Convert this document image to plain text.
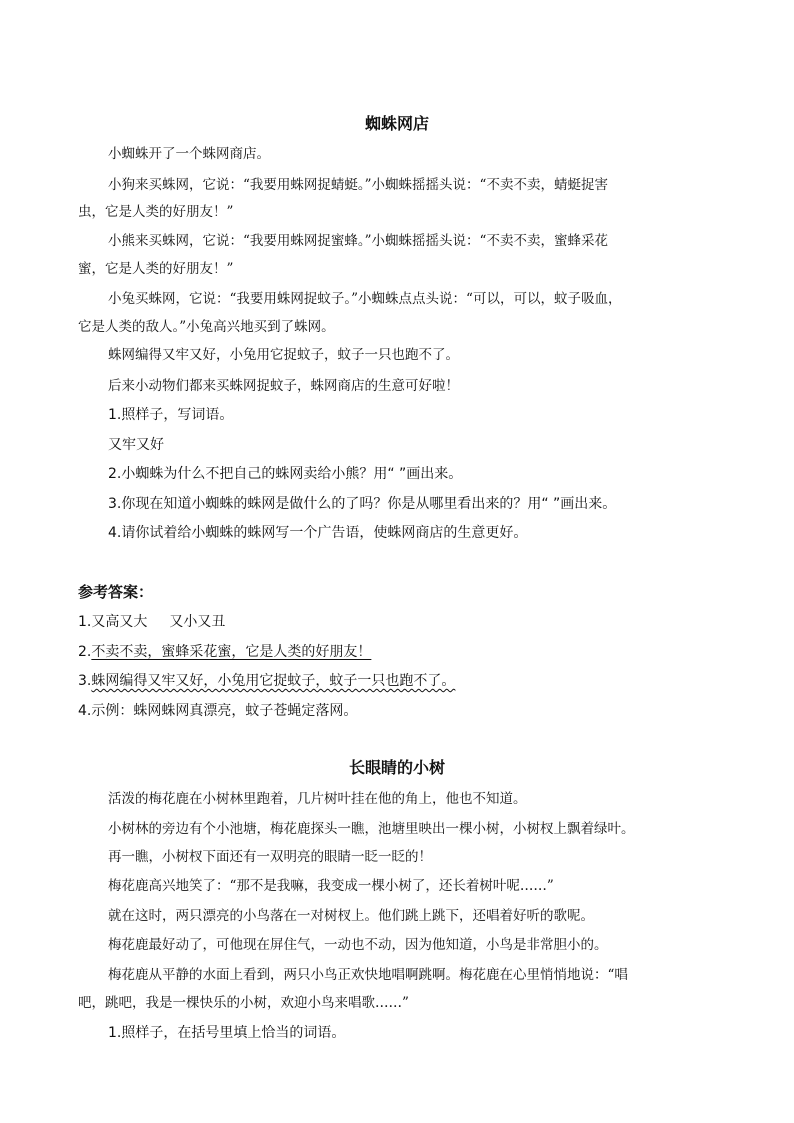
蜘蛛网店
小蜘蛛开了一个蛛网商店。
小狗来买蛛网，它说：“我要用蛛网捉蜻蜓。”小蜘蛛摇摇头说：“不卖不卖，蜻蜓捉害
虫，它是人类的好朋友！”
小熊来买蛛网，它说：“我要用蛛网捉蜜蜂。”小蜘蛛摇摇头说：“不卖不卖，蜜蜂采花
蜜，它是人类的好朋友！”
小兔买蛛网，它说：“我要用蛛网捉蚊子。”小蜘蛛点点头说：“可以，可以，蚊子吸血，
它是人类的敌人。”小兔高兴地买到了蛛网。
蛛网编得又牢又好，小兔用它捉蚊子，蚊子一只也跑不了。
后来小动物们都来买蛛网捉蚊子，蛛网商店的生意可好啦！
1.照样子，写词语。
又牢又好
2.小蜘蛛为什么不把自己的蛛网卖给小熊？用“ ”画出来。
3.你现在知道小蜘蛛的蛛网是做什么的了吗？你是从哪里看出来的？用“ ”画出来。
4.请你试着给小蜘蛛的蛛网写一个广告语，使蛛网商店的生意更好。
参考答案：
1.又高又大 又小又丑
2.不卖不卖，蜜蜂采花蜜，它是人类的好朋友！
3.蛛网编得又牢又好，小兔用它捉蚊子，蚊子一只也跑不了。
4.示例：蛛网蛛网真漂亮，蚊子苍蝇定落网。
长眼睛的小树
活泼的梅花鹿在小树林里跑着，几片树叶挂在他的角上，他也不知道。
小树林的旁边有个小池塘，梅花鹿探头一瞧，池塘里映出一棵小树，小树杈上飘着绿叶。
再一瞧，小树杈下面还有一双明亮的眼睛一眨一眨的！
梅花鹿高兴地笑了：“那不是我嘛，我变成一棵小树了，还长着树叶呢……”
就在这时，两只漂亮的小鸟落在一对树杈上。他们跳上跳下，还唱着好听的歌呢。
梅花鹿最好动了，可他现在屏住气，一动也不动，因为他知道，小鸟是非常胆小的。
梅花鹿从平静的水面上看到，两只小鸟正欢快地唱啊跳啊。梅花鹿在心里悄悄地说：“唱
吧，跳吧，我是一棵快乐的小树，欢迎小鸟来唱歌……”
1.照样子，在括号里填上恰当的词语。
